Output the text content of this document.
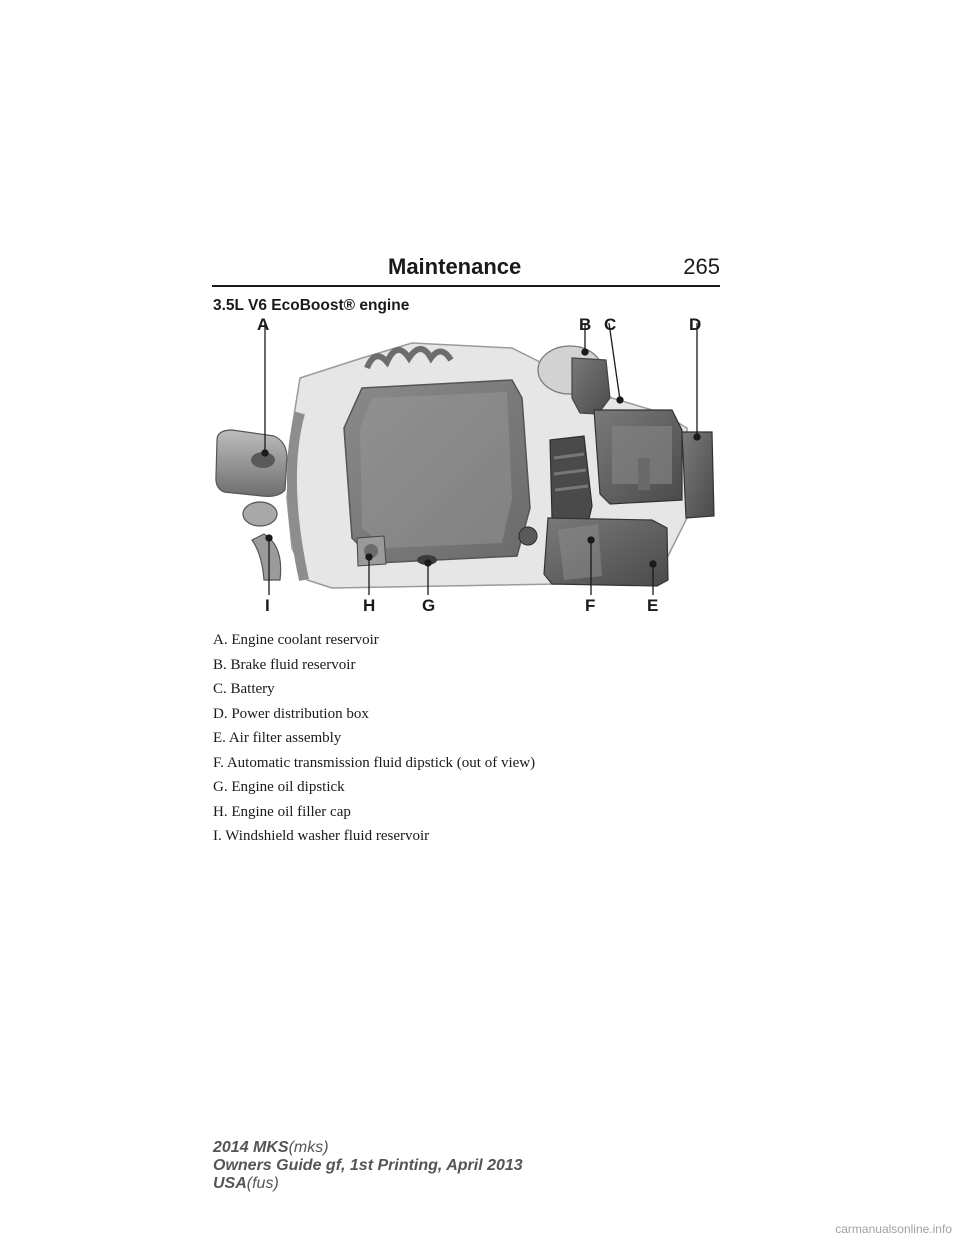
Maintenance	265
3.5L V6 EcoBoost® engine
A	B C	D
E
F
G
H
I
A. Engine coolant reservoir
B. Brake fluid reservoir
C. Battery
D. Power distribution box
E. Air filter assembly
F. Automatic transmission fluid dipstick (out of view)
G. Engine oil dipstick
H. Engine oil filler cap
I. Windshield washer fluid reservoir
2014 MKS(mks)
Owners Guide gf, 1st Printing, April 2013
USA(fus)
carmanualsonline.info
